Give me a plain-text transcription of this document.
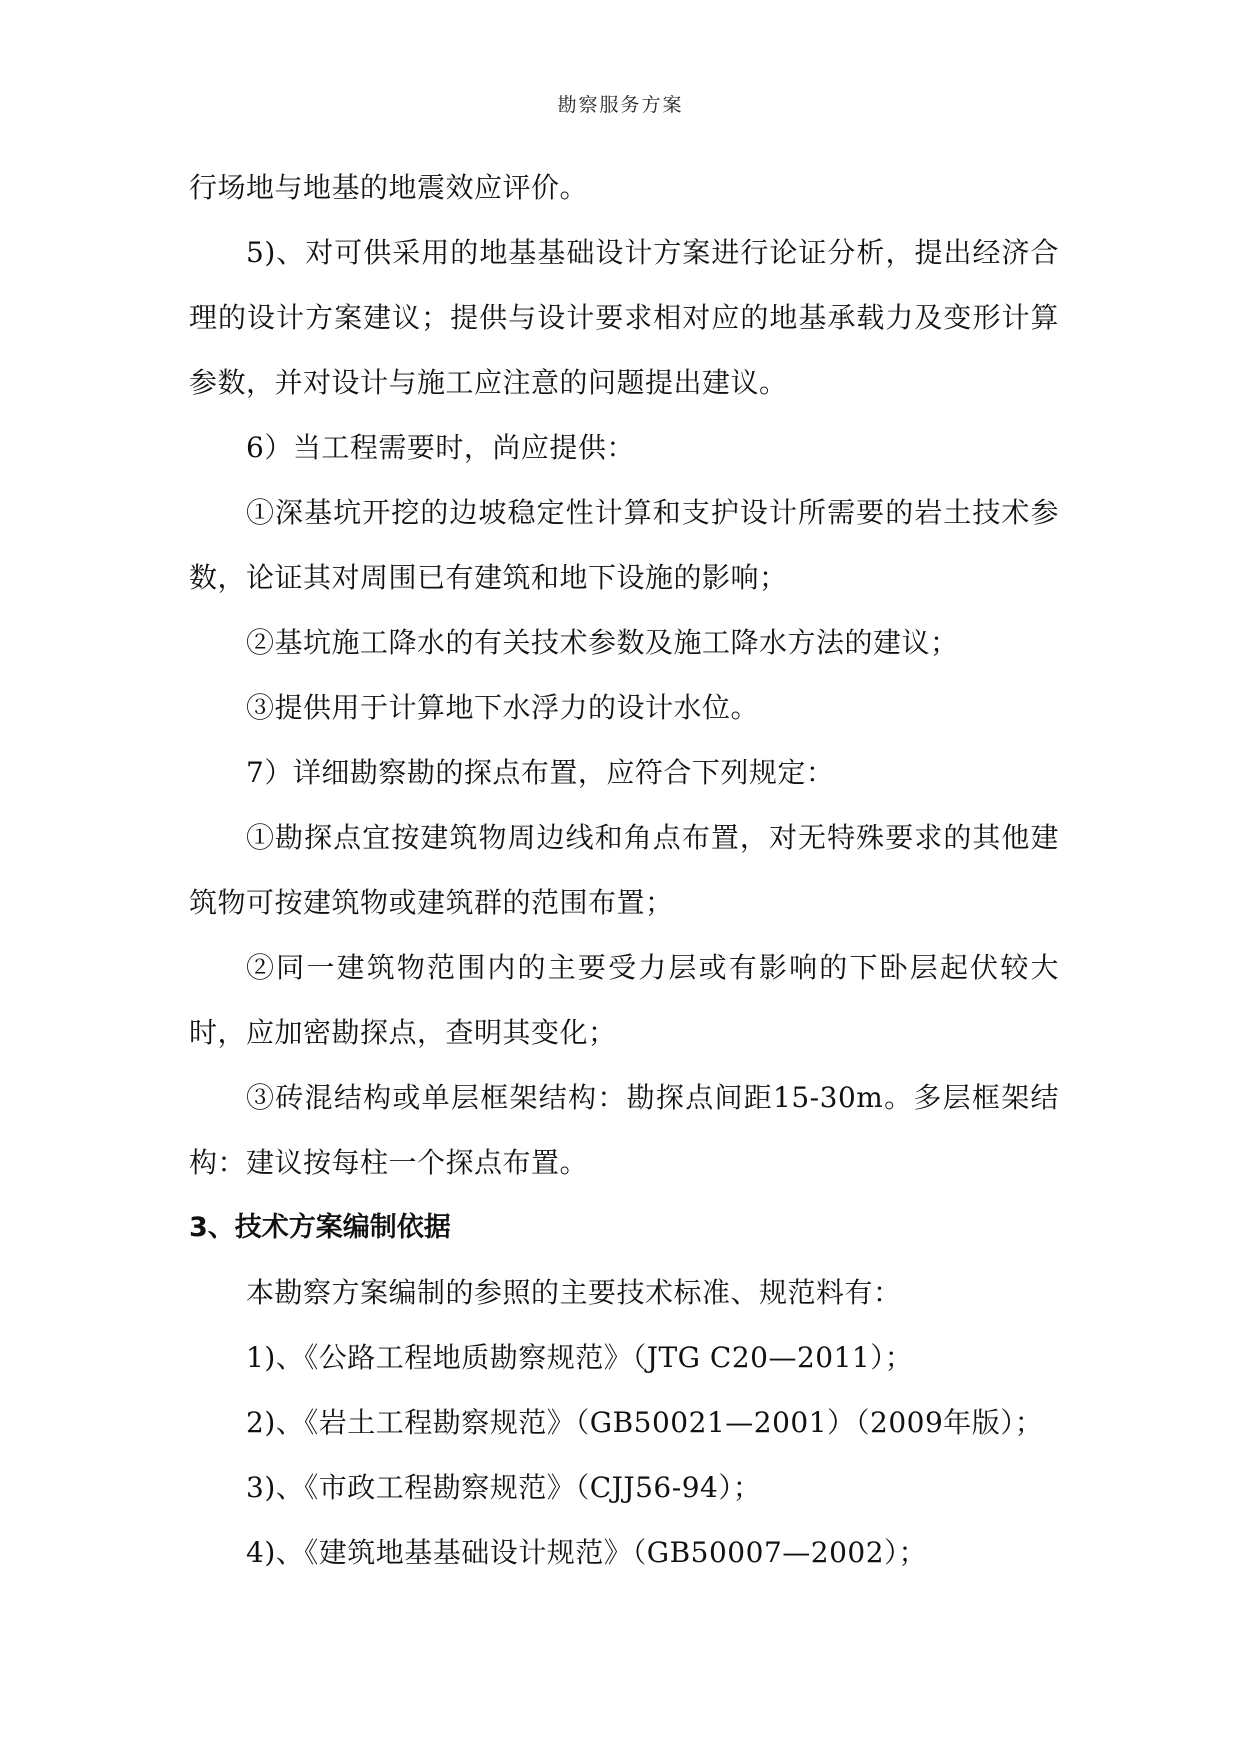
勘察服务方案

行场地与地基的地震效应评价。

5)、对可供采用的地基基础设计方案进行论证分析，提出经济合理的设计方案建议；提供与设计要求相对应的地基承载力及变形计算参数，并对设计与施工应注意的问题提出建议。

6）当工程需要时，尚应提供：

①深基坑开挖的边坡稳定性计算和支护设计所需要的岩土技术参数，论证其对周围已有建筑和地下设施的影响；

②基坑施工降水的有关技术参数及施工降水方法的建议；

③提供用于计算地下水浮力的设计水位。

7）详细勘察勘的探点布置，应符合下列规定：

①勘探点宜按建筑物周边线和角点布置，对无特殊要求的其他建筑物可按建筑物或建筑群的范围布置；

②同一建筑物范围内的主要受力层或有影响的下卧层起伏较大时，应加密勘探点，查明其变化；

③砖混结构或单层框架结构：勘探点间距15-30m。多层框架结构：建议按每柱一个探点布置。

3、技术方案编制依据

本勘察方案编制的参照的主要技术标准、规范料有：

1)、《公路工程地质勘察规范》（JTG C20—2011）；

2)、《岩土工程勘察规范》（GB50021—2001）（2009年版）；

3)、《市政工程勘察规范》（CJJ56-94）；

4)、《建筑地基基础设计规范》（GB50007—2002）；
